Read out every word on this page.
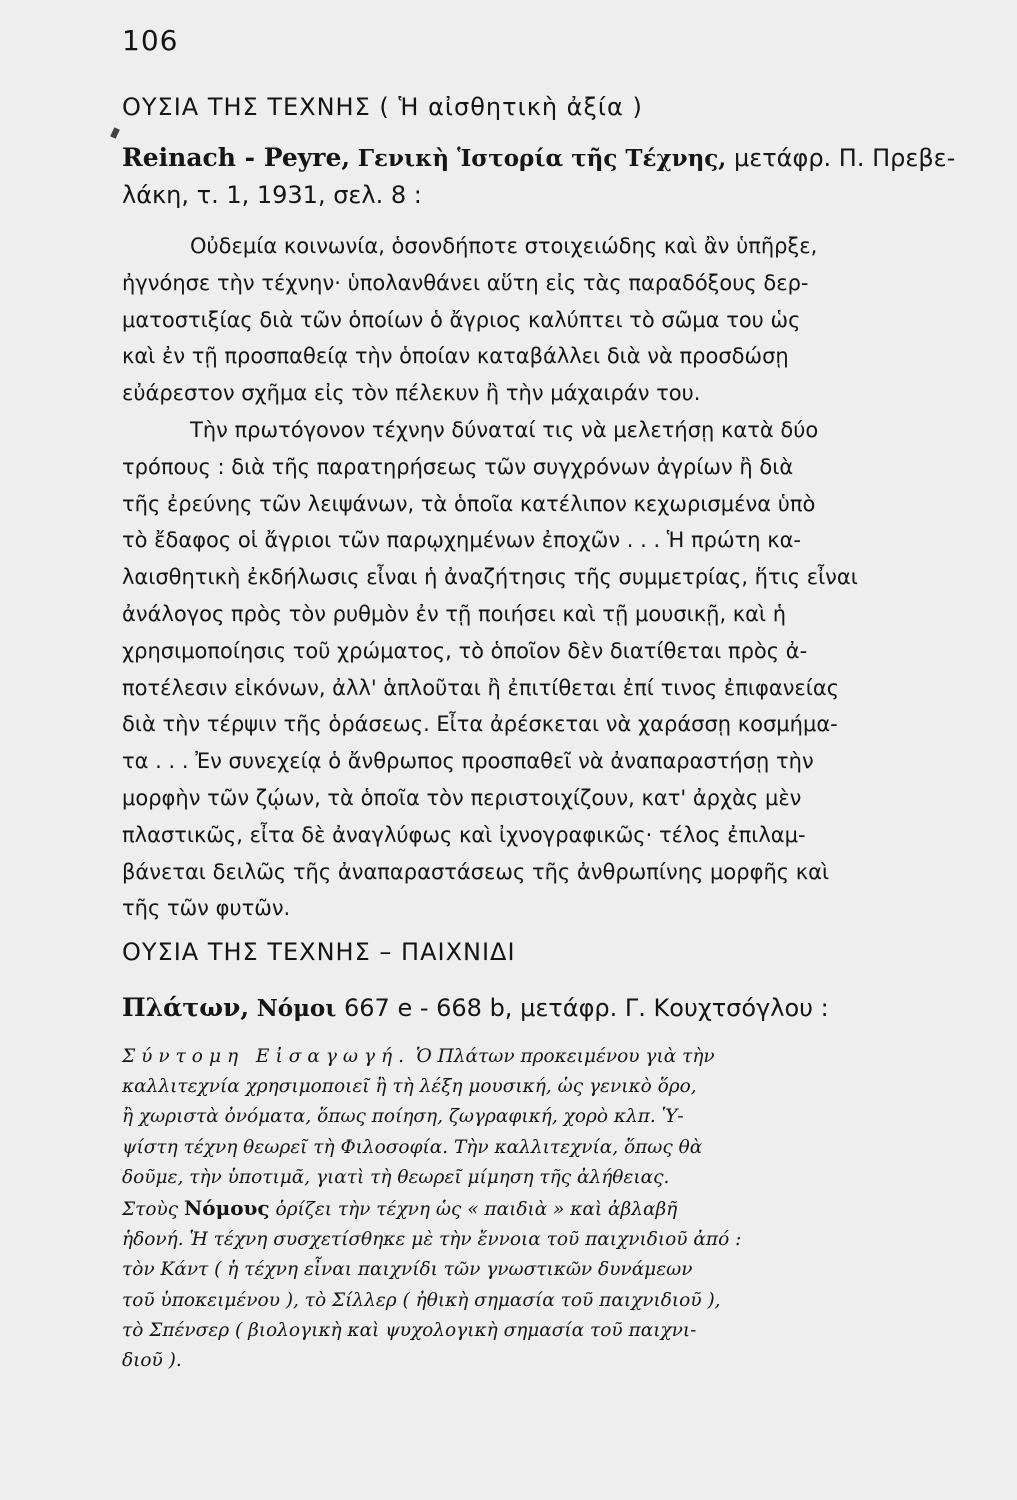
106
ΟΥΣΙΑ ΤΗΣ ΤΕΧΝΗΣ ( Ἡ αἰσθητικὴ ἀξία )
Reinach - Peyre, Γενικὴ Ἱστορία τῆς Τέχνης, μετάφρ. Π. Πρεβε-
λάκη, τ. 1, 1931, σελ. 8 :
Οὐδεμία κοινωνία, ὁσονδήποτε στοιχειώδης καὶ ἂν ὑπῆρξε,
ἠγνόησε τὴν τέχνην· ὑπολανθάνει αὕτη εἰς τὰς παραδόξους δερ-
ματοστιξίας διὰ τῶν ὁποίων ὁ ἄγριος καλύπτει τὸ σῶμα του ὡς
καὶ ἐν τῇ προσπαθείᾳ τὴν ὁποίαν καταβάλλει διὰ νὰ προσδώσῃ
εὐάρεστον σχῆμα εἰς τὸν πέλεκυν ἢ τὴν μάχαιράν του.
Τὴν πρωτόγονον τέχνην δύναταί τις νὰ μελετήσῃ κατὰ δύο
τρόπους : διὰ τῆς παρατηρήσεως τῶν συγχρόνων ἀγρίων ἢ διὰ
τῆς ἐρεύνης τῶν λειψάνων, τὰ ὁποῖα κατέλιπον κεχωρισμένα ὑπὸ
τὸ ἔδαφος οἱ ἄγριοι τῶν παρῳχημένων ἐποχῶν . . . Ἡ πρώτη κα-
λαισθητικὴ ἐκδήλωσις εἶναι ἡ ἀναζήτησις τῆς συμμετρίας, ἥτις εἶναι
ἀνάλογος πρὸς τὸν ρυθμὸν ἐν τῇ ποιήσει καὶ τῇ μουσικῇ, καὶ ἡ
χρησιμοποίησις τοῦ χρώματος, τὸ ὁποῖον δὲν διατίθεται πρὸς ἀ-
ποτέλεσιν εἰκόνων, ἀλλ' ἁπλοῦται ἢ ἐπιτίθεται ἐπί τινος ἐπιφανείας
διὰ τὴν τέρψιν τῆς ὁράσεως. Εἶτα ἀρέσκεται νὰ χαράσσῃ κοσμήμα-
τα . . . Ἐν συνεχείᾳ ὁ ἄνθρωπος προσπαθεῖ νὰ ἀναπαραστήσῃ τὴν
μορφὴν τῶν ζῴων, τὰ ὁποῖα τὸν περιστοιχίζουν, κατ' ἀρχὰς μὲν
πλαστικῶς, εἶτα δὲ ἀναγλύφως καὶ ἰχνογραφικῶς· τέλος ἐπιλαμ-
βάνεται δειλῶς τῆς ἀναπαραστάσεως τῆς ἀνθρωπίνης μορφῆς καὶ
τῆς τῶν φυτῶν.
ΟΥΣΙΑ ΤΗΣ ΤΕΧΝΗΣ – ΠΑΙΧΝΙΔΙ
Πλάτων, Νόμοι 667 e - 668 b, μετάφρ. Γ. Κουχτσόγλου :
Σύντομη Εἰσαγωγή. Ὁ Πλάτων προκειμένου γιὰ τὴν
καλλιτεχνία χρησιμοποιεῖ ἢ τὴ λέξη μουσική, ὡς γενικὸ ὅρο,
ἢ χωριστὰ ὀνόματα, ὅπως ποίηση, ζωγραφική, χορὸ κλπ. Ὑ-
ψίστη τέχνη θεωρεῖ τὴ Φιλοσοφία. Τὴν καλλιτεχνία, ὅπως θὰ
δοῦμε, τὴν ὑποτιμᾶ, γιατὶ τὴ θεωρεῖ μίμηση τῆς ἀλήθειας.
Στοὺς Νόμους ὁρίζει τὴν τέχνη ὡς « παιδιὰ » καὶ ἀβλαβῆ
ἡδονή. Ἡ τέχνη συσχετίσθηκε μὲ τὴν ἔννοια τοῦ παιχνιδιοῦ ἀπό :
τὸν Κάντ ( ἡ τέχνη εἶναι παιχνίδι τῶν γνωστικῶν δυνάμεων
τοῦ ὑποκειμένου ), τὸ Σίλλερ ( ἠθικὴ σημασία τοῦ παιχνιδιοῦ ),
τὸ Σπένσερ ( βιολογικὴ καὶ ψυχολογικὴ σημασία τοῦ παιχνι-
διοῦ ).
